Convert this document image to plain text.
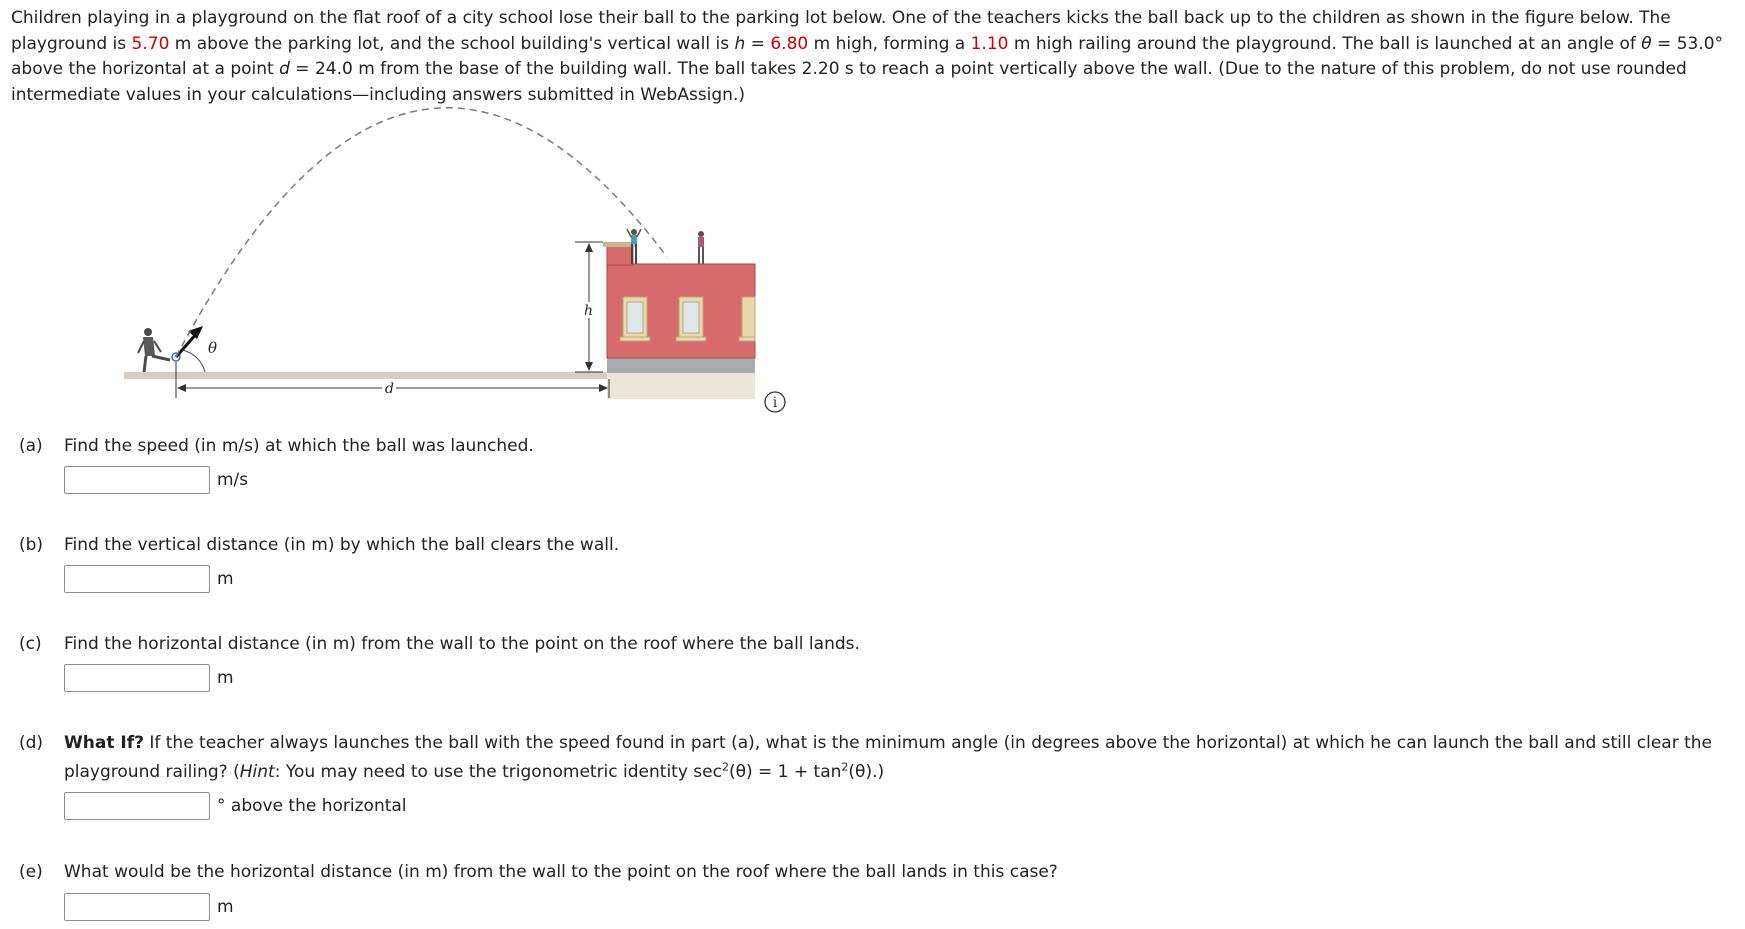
Children playing in a playground on the flat roof of a city school lose their ball to the parking lot below. One of the teachers kicks the ball back up to the children as shown in the figure below. The playground is 5.70 m above the parking lot, and the school building's vertical wall is h = 6.80 m high, forming a 1.10 m high railing around the playground. The ball is launched at an angle of θ = 53.0° above the horizontal at a point d = 24.0 m from the base of the building wall. The ball takes 2.20 s to reach a point vertically above the wall. (Due to the nature of this problem, do not use rounded intermediate values in your calculations—including answers submitted in WebAssign.)

θ
h
d
i
(a)	Find the speed (in m/s) at which the ball was launched.
m/s
(b)	Find the vertical distance (in m) by which the ball clears the wall.
m
(c)	Find the horizontal distance (in m) from the wall to the point on the roof where the ball lands.
m
(d)	What If? If the teacher always launches the ball with the speed found in part (a), what is the minimum angle (in degrees above the horizontal) at which he can launch the ball and still clear the playground railing? (Hint: You may need to use the trigonometric identity $\sec^2(\theta) = 1 + \tan^2(\theta)$.)
° above the horizontal
(e)	What would be the horizontal distance (in m) from the wall to the point on the roof where the ball lands in this case?
m
